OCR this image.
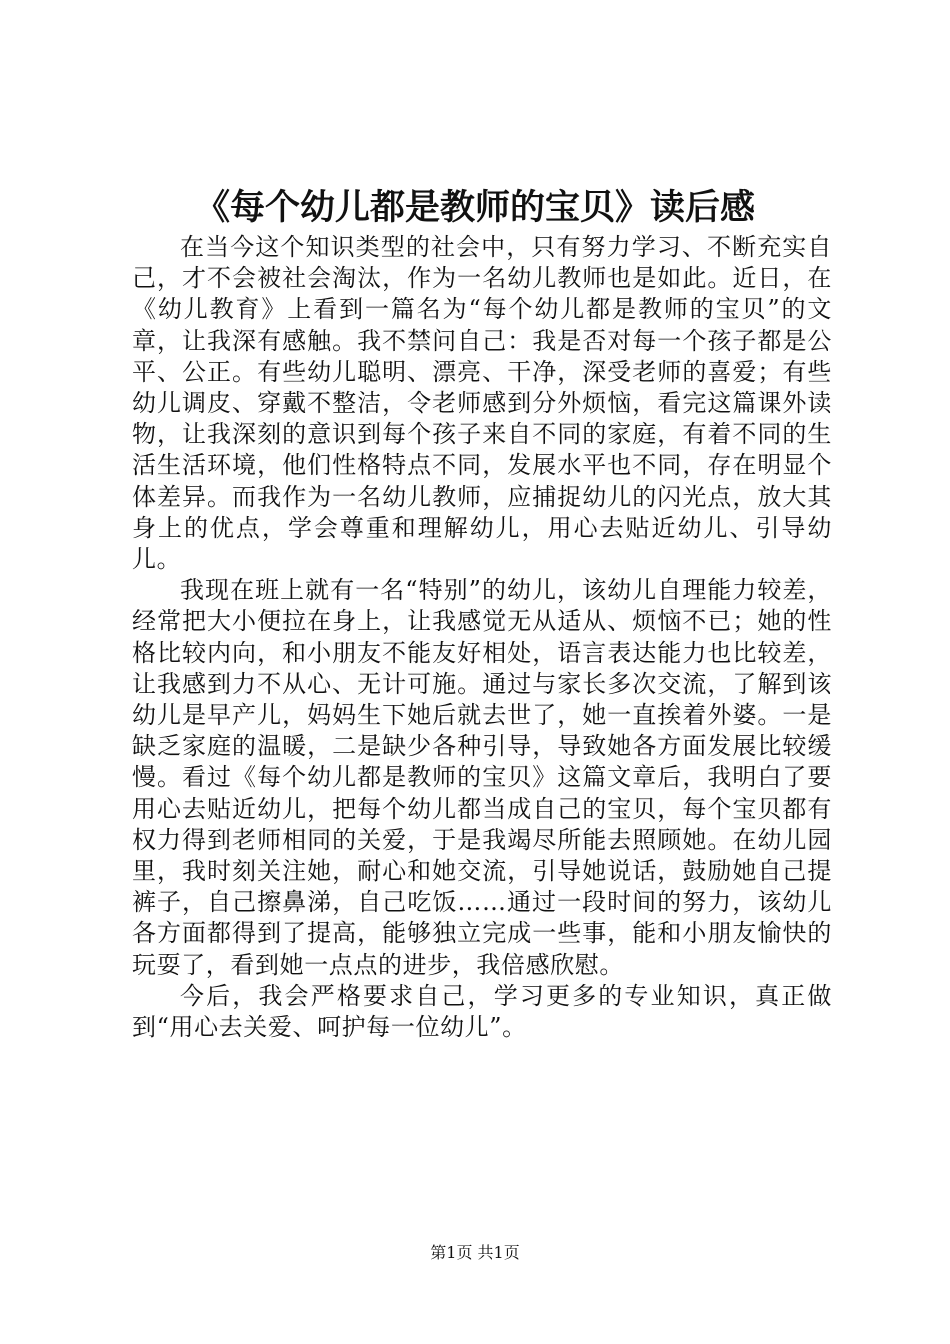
《每个幼儿都是教师的宝贝》读后感

在当今这个知识类型的社会中，只有努力学习、不断充实自己，才不会被社会淘汰，作为一名幼儿教师也是如此。近日，在《幼儿教育》上看到一篇名为“每个幼儿都是教师的宝贝”的文章，让我深有感触。我不禁问自己：我是否对每一个孩子都是公平、公正。有些幼儿聪明、漂亮、干净，深受老师的喜爱；有些幼儿调皮、穿戴不整洁，令老师感到分外烦恼，看完这篇课外读物，让我深刻的意识到每个孩子来自不同的家庭，有着不同的生活生活环境，他们性格特点不同，发展水平也不同，存在明显个体差异。而我作为一名幼儿教师，应捕捉幼儿的闪光点，放大其身上的优点，学会尊重和理解幼儿，用心去贴近幼儿、引导幼儿。

我现在班上就有一名“特别”的幼儿，该幼儿自理能力较差，经常把大小便拉在身上，让我感觉无从适从、烦恼不已；她的性格比较内向，和小朋友不能友好相处，语言表达能力也比较差，让我感到力不从心、无计可施。通过与家长多次交流，了解到该幼儿是早产儿，妈妈生下她后就去世了，她一直挨着外婆。一是缺乏家庭的温暖，二是缺少各种引导，导致她各方面发展比较缓慢。看过《每个幼儿都是教师的宝贝》这篇文章后，我明白了要用心去贴近幼儿，把每个幼儿都当成自己的宝贝，每个宝贝都有权力得到老师相同的关爱，于是我竭尽所能去照顾她。在幼儿园里，我时刻关注她，耐心和她交流，引导她说话，鼓励她自己提裤子，自己擦鼻涕，自己吃饭……通过一段时间的努力，该幼儿各方面都得到了提高，能够独立完成一些事，能和小朋友愉快的玩耍了，看到她一点点的进步，我倍感欣慰。

今后，我会严格要求自己，学习更多的专业知识，真正做到“用心去关爱、呵护每一位幼儿”。

第1页 共1页
